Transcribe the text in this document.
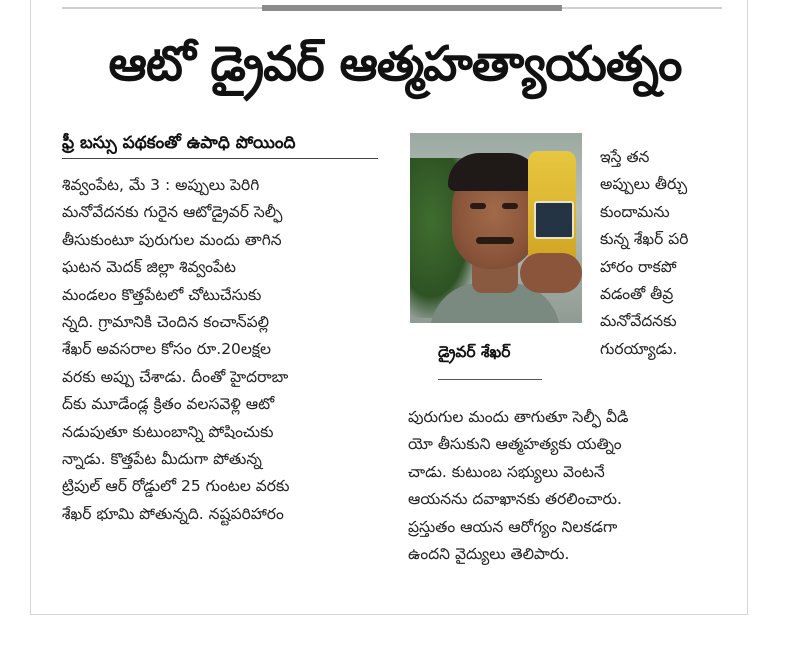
ఆటో డ్రైవర్ ఆత్మహత్యాయత్నం
ఫ్రీ బస్సు పథకంతో ఉపాధి పోయింది
శివ్వంపేట, మే 3 : అప్పులు పెరిగి
మనోవేదనకు గురైన ఆటోడ్రైవర్ సెల్ఫీ
తీసుకుంటూ పురుగుల మందు తాగిన
ఘటన మెదక్ జిల్లా శివ్వంపేట
మండలం కొత్తపేటలో చోటుచేసుకు
న్నది. గ్రామానికి చెందిన కంచాన్‌పల్లి
శేఖర్ అవసరాల కోసం రూ.20లక్షల
వరకు అప్పు చేశాడు. దీంతో హైదరాబా
ద్‌కు మూడేండ్ల క్రితం వలసవెళ్లి ఆటో
నడుపుతూ కుటుంబాన్ని పోషించుకు
న్నాడు. కొత్తపేట మీదుగా పోతున్న
ట్రిపుల్ ఆర్ రోడ్డులో 25 గుంటల వరకు
శేఖర్ భూమి పోతున్నది. నష్టపరిహారం
డ్రైవర్ శేఖర్
ఇస్తే తన
అప్పులు తీర్చు
కుందామను
కున్న శేఖర్ పరి
హారం రాకపో
వడంతో తీవ్ర
మనోవేదనకు
గురయ్యాడు.
పురుగుల మందు తాగుతూ సెల్ఫీ వీడి
యో తీసుకుని ఆత్మహత్యకు యత్నిం
చాడు. కుటుంబ సభ్యులు వెంటనే
ఆయనను దవాఖానకు తరలించారు.
ప్రస్తుతం ఆయన ఆరోగ్యం నిలకడగా
ఉందని వైద్యులు తెలిపారు.
